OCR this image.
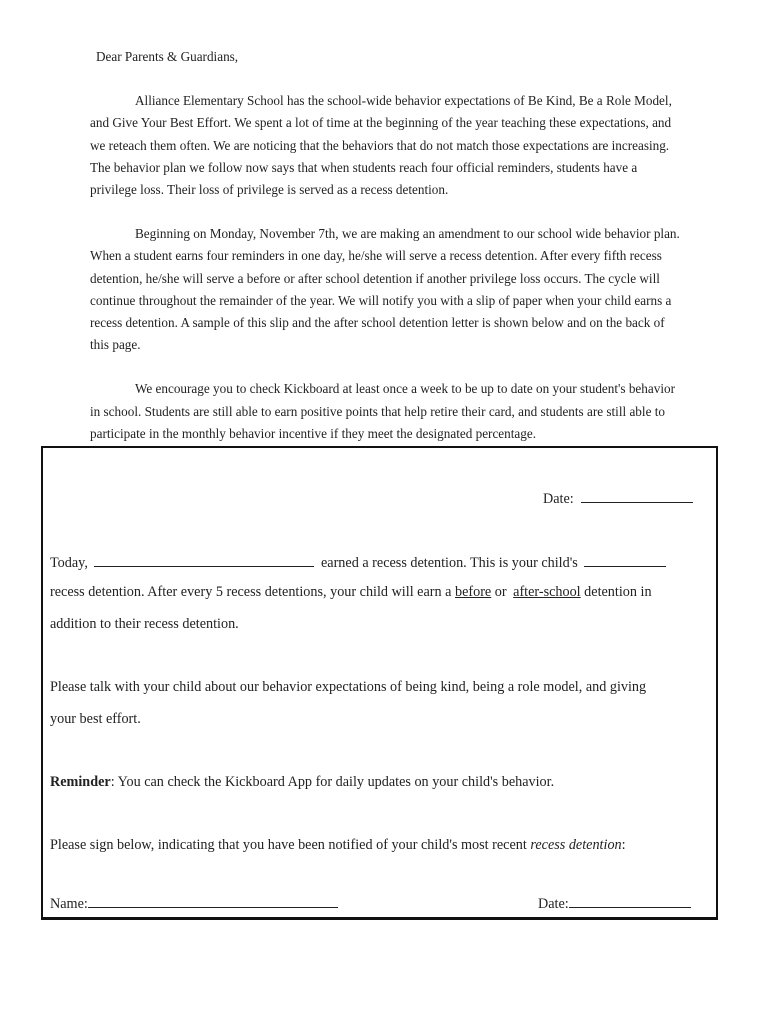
Dear Parents & Guardians,

Alliance Elementary School has the school-wide behavior expectations of Be Kind, Be a Role Model, and Give Your Best Effort. We spent a lot of time at the beginning of the year teaching these expectations, and we reteach them often. We are noticing that the behaviors that do not match those expectations are increasing. The behavior plan we follow now says that when students reach four official reminders, students have a privilege loss. Their loss of privilege is served as a recess detention.

Beginning on Monday, November 7th, we are making an amendment to our school wide behavior plan. When a student earns four reminders in one day, he/she will serve a recess detention. After every fifth recess detention, he/she will serve a before or after school detention if another privilege loss occurs. The cycle will continue throughout the remainder of the year. We will notify you with a slip of paper when your child earns a recess detention. A sample of this slip and the after school detention letter is shown below and on the back of this page.

We encourage you to check Kickboard at least once a week to be up to date on your student's behavior in school. Students are still able to earn positive points that help retire their card, and students are still able to participate in the monthly behavior incentive if they meet the designated percentage.

Date:
Today,	earned a recess detention. This is your child's
recess detention. After every 5 recess detentions, your child will earn a before or after-school detention in
addition to their recess detention.
Please talk with your child about our behavior expectations of being kind, being a role model, and giving
your best effort.
Reminder: You can check the Kickboard App for daily updates on your child's behavior.
Please sign below, indicating that you have been notified of your child's most recent recess detention:
Name:	Date:
